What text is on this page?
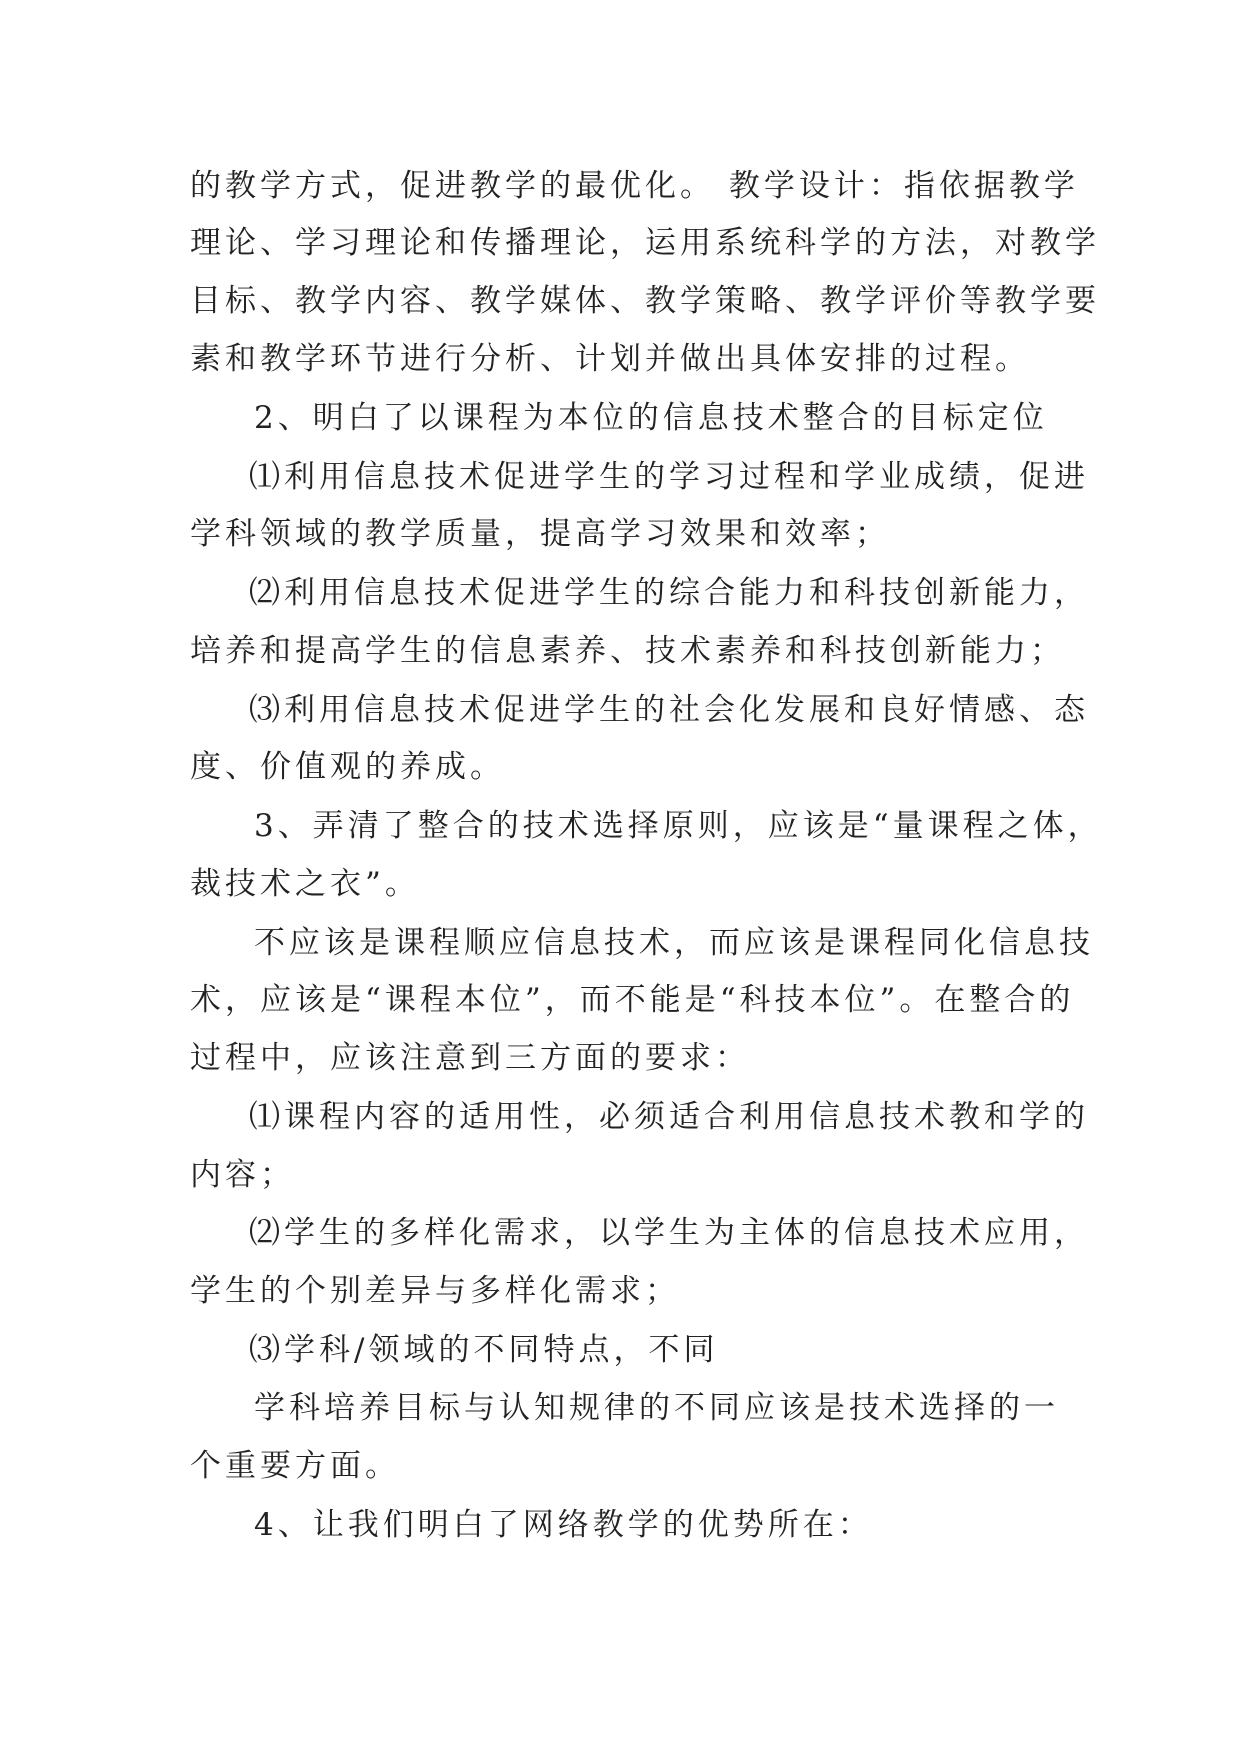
的教学方式，促进教学的最优化。 教学设计：指依据教学
理论、学习理论和传播理论，运用系统科学的方法，对教学
目标、教学内容、教学媒体、教学策略、教学评价等教学要
素和教学环节进行分析、计划并做出具体安排的过程。
2、明白了以课程为本位的信息技术整合的目标定位
⑴利用信息技术促进学生的学习过程和学业成绩，促进
学科领域的教学质量，提高学习效果和效率；
⑵利用信息技术促进学生的综合能力和科技创新能力，
培养和提高学生的信息素养、技术素养和科技创新能力；
⑶利用信息技术促进学生的社会化发展和良好情感、态
度、价值观的养成。
3、弄清了整合的技术选择原则，应该是“量课程之体，
裁技术之衣”。
不应该是课程顺应信息技术，而应该是课程同化信息技
术，应该是“课程本位”，而不能是“科技本位”。在整合的
过程中，应该注意到三方面的要求：
⑴课程内容的适用性，必须适合利用信息技术教和学的
内容；
⑵学生的多样化需求，以学生为主体的信息技术应用，
学生的个别差异与多样化需求；
⑶学科/领域的不同特点，不同
学科培养目标与认知规律的不同应该是技术选择的一
个重要方面。
4、让我们明白了网络教学的优势所在：
